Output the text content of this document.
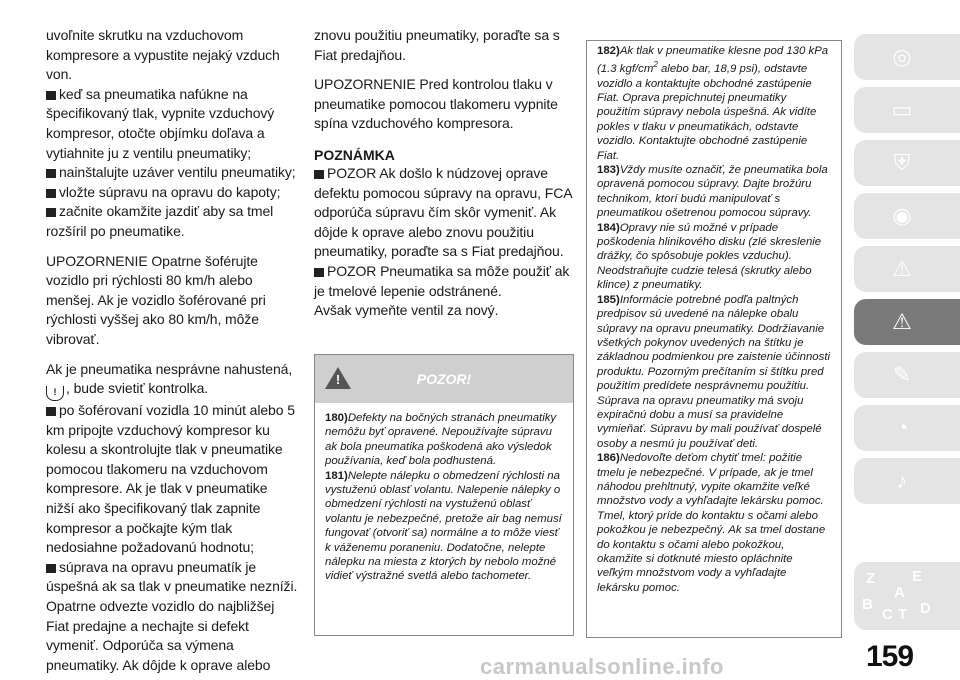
uvoľnite skrutku na vzduchovom kompresore a vypustite nejaký vzduch von.

keď sa pneumatika nafúkne na špecifikovaný tlak, vypnite vzduchový kompresor, otočte objímku doľava a vytiahnite ju z ventilu pneumatiky;

nainštalujte uzáver ventilu pneumatiky;

vložte súpravu na opravu do kapoty;

začnite okamžite jazdiť aby sa tmel rozšíril po pneumatike.

UPOZORNENIE Opatrne šoférujte vozidlo pri rýchlosti 80 km/h alebo menšej. Ak je vozidlo šoférované pri rýchlosti vyššej ako 80 km/h, môže vibrovať.

Ak je pneumatika nesprávne nahustená,
! , bude svietiť kontrolka.

po šoférovaní vozidla 10 minút alebo 5 km pripojte vzduchový kompresor ku kolesu a skontrolujte tlak v pneumatike pomocou tlakomeru na vzduchovom kompresore. Ak je tlak v pneumatike nižší ako špecifikovaný tlak zapnite kompresor a počkajte kým tlak nedosiahne požadovanú hodnotu;

súprava na opravu pneumatík je úspešná ak sa tlak v pneumatike nezníži. Opatrne odvezte vozidlo do najbližšej Fiat predajne a nechajte si defekt vymeniť. Odporúča sa výmena pneumatiky. Ak dôjde k oprave alebo

znovu použitiu pneumatiky, poraďte sa s Fiat predajňou.

UPOZORNENIE Pred kontrolou tlaku v pneumatike pomocou tlakomeru vypnite spína vzduchového kompresora.

POZNÁMKA

POZOR Ak došlo k núdzovej oprave defektu pomocou súpravy na opravu, FCA odporúča súpravu čím skôr vymeniť. Ak dôjde k oprave alebo znovu použitiu pneumatiky, poraďte sa s Fiat predajňou.

POZOR Pneumatika sa môže použiť ak je tmelové lepenie odstránené.

Avšak vymeňte ventil za nový.

!	POZOR!

180)Defekty na bočných stranách pneumatiky nemôžu byť opravené. Nepoužívajte súpravu ak bola pneumatika poškodená ako výsledok používania, keď bola podhustená.

181)Nelepte nálepku o obmedzení rýchlosti na vystuženú oblasť volantu. Nalepenie nálepky o obmedzení rýchlosti na vystuženú oblasť volantu je nebezpečné, pretože air bag nemusí fungovať (otvoriť sa) normálne a to môže viesť k váženemu poraneniu. Dodatočne, nelepte nálepku na miesta z ktorých by nebolo možné vidieť výstražné svetlá alebo tachometer.

182)Ak tlak v pneumatike klesne pod 130 kPa (1.3 kgf/$cm^2$ alebo bar, 18,9 psi), odstavte vozidlo a kontaktujte obchodné zastúpenie Fiat. Oprava prepichnutej pneumatiky použitím súpravy nebola úspešná. Ak vidíte pokles v tlaku v pneumatikách, odstavte vozidlo. Kontaktujte obchodné zastúpenie Fiat.

183)Vždy musíte označiť, že pneumatika bola opravená pomocou súpravy. Dajte brožúru technikom, ktorí budú manipulovať s pneumatikou ošetrenou pomocou súpravy.

184)Opravy nie sú možné v prípade poškodenia hlinikového disku (zlé skreslenie drážky, čo spôsobuje pokles vzduchu). Neodstraňujte cudzie telesá (skrutky alebo klince) z pneumatiky.

185)Informácie potrebné podľa paltných predpisov sú uvedené na nálepke obalu súpravy na opravu pneumatiky. Dodržiavanie všetkých pokynov uvedených na štítku je základnou podmienkou pre zaistenie účinnosti produktu. Pozorným prečítaním si štítku pred použitím predídete nesprávnemu použitiu. Súprava na opravu pneumatiky má svoju expiračnú dobu a musí sa pravidelne vymieňať. Súpravu by mali používať dospelé osoby a nesmú ju používať deti.

186)Nedovoľte deťom chytiť tmel: požitie tmelu je nebezpečné. V prípade, ak je tmel náhodou prehltnutý, vypite okamžite veľké množstvo vody a vyhľadajte lekársku pomoc. Tmel, ktorý príde do kontaktu s očami alebo pokožkou je nebezpečný. Ak sa tmel dostane do kontaktu s očami alebo pokožkou, okamžite si dotknuté miesto opláchnite veľkým množstvom vody a vyhľadajte lekársku pomoc.

◎
▭
⛨
◉
⚠
⚠
✎
◔
♪
Z E
B
C T D
A
159
carmanualsonline.info
